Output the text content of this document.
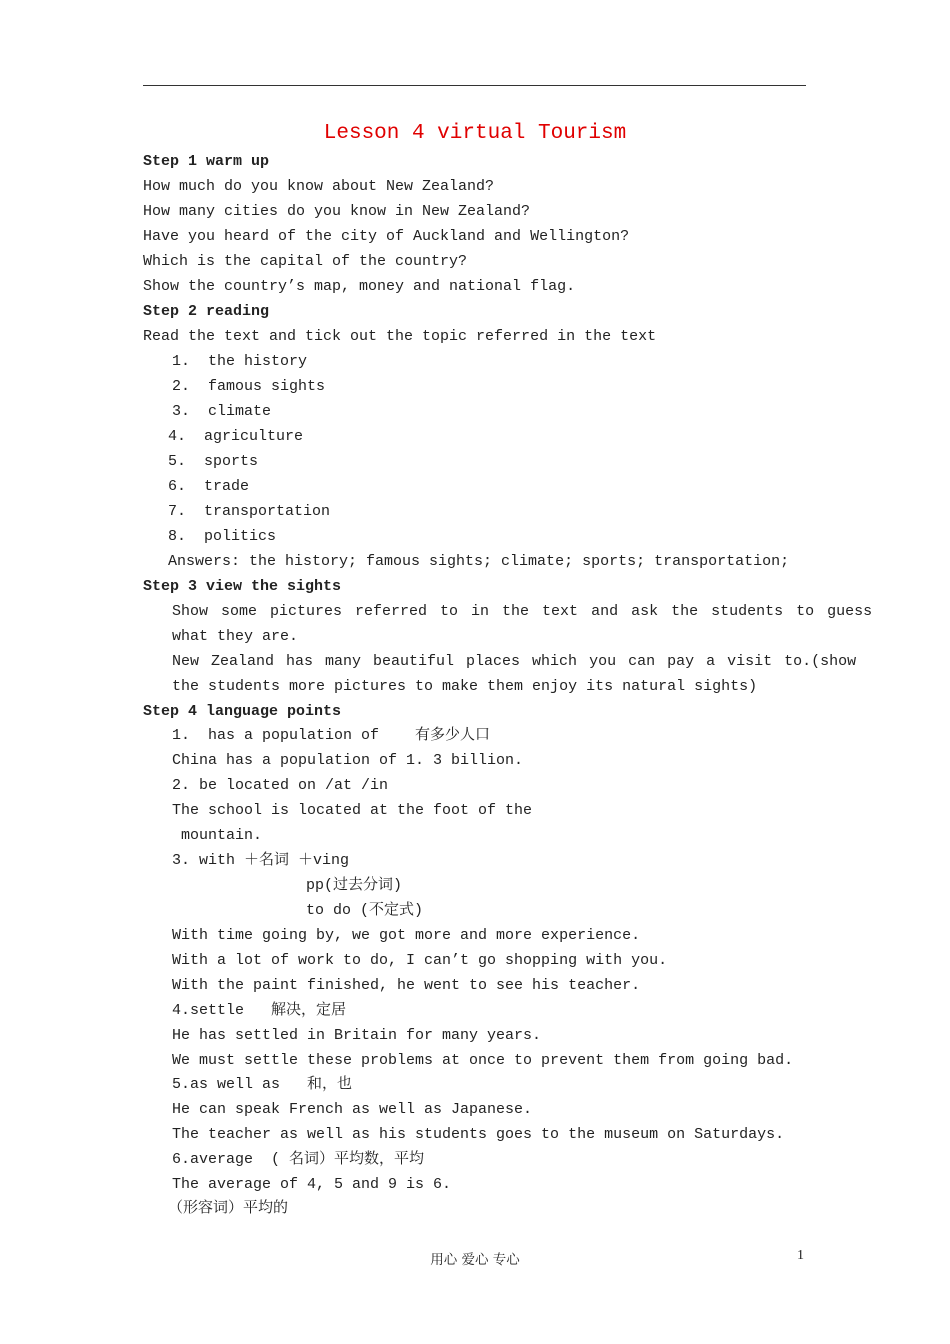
Lesson 4 virtual Tourism
Step 1 warm up
How much do you know about New Zealand?
How many cities do you know in New Zealand?
Have you heard of the city of Auckland and Wellington?
Which is the capital of the country?
Show the country’s map, money and national flag.
Step 2 reading
Read the text and tick out the topic referred in the text
1.  the history
2.  famous sights
3.  climate
4.  agriculture
5.  sports
6.  trade
7.  transportation
8.  politics
Answers: the history; famous sights; climate; sports; transportation;
Step 3 view the sights
Show some pictures referred to in the text and ask the students to guess
what they are.
New Zealand has many beautiful places which you can pay a visit to.(show
the students more pictures to make them enjoy its natural sights)
Step 4 language points
1.  has a population of    有多少人口
China has a population of 1. 3 billion.
2. be located on /at /in
The school is located at the foot of the
mountain.
3. with ＋名词 ＋ving
pp(过去分词)
to do (不定式)
With time going by, we got more and more experience.
With a lot of work to do, I can’t go shopping with you.
With the paint finished, he went to see his teacher.
4.settle   解决，定居
He has settled in Britain for many years.
We must settle these problems at once to prevent them from going bad.
5.as well as   和，也
He can speak French as well as Japanese.
The teacher as well as his students goes to the museum on Saturdays.
6.average  ( 名词）平均数，平均
The average of 4, 5 and 9 is 6.
（形容词）平均的
用心 爱心 专心	1
